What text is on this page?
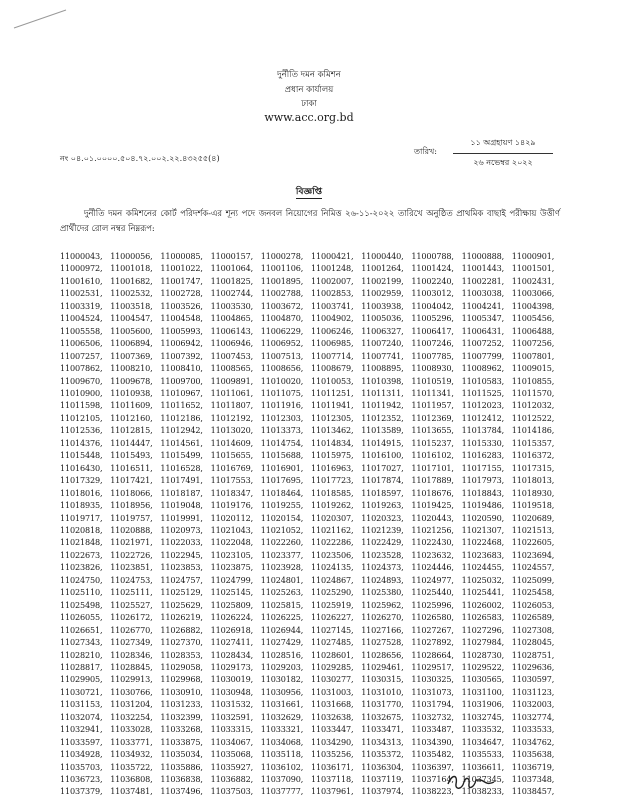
দুর্নীতি দমন কমিশন
প্রধান কার্যালয়
ঢাকা
www.acc.org.bd
নং ০৪.০১.০০০০.৫০৪.৭২.০০২.২২.৪৩২৫৫(৪)
তারিখ:
১১ অগ্রহায়ণ ১৪২৯
২৬ নভেম্বর ২০২২
বিজ্ঞপ্তি
দুর্নীতি দমন কমিশনের কোর্ট পরিদর্শক-এর শূন্য পদে জনবল নিয়োগের নিমিত্ত ২৬-১১-২০২২ তারিখে অনুষ্ঠিত প্রাথমিক বাছাই পরীক্ষায় উত্তীর্ণ প্রার্থীদের রোল নম্বর নিম্নরূপ:
11000043, 11000056, 11000085, 11000157, 11000278, 11000421, 11000440, 11000788, 11000888, 11000901,
11000972, 11001018, 11001022, 11001064, 11001106, 11001248, 11001264, 11001424, 11001443, 11001501,
11001610, 11001682, 11001747, 11001825, 11001895, 11002007, 11002199, 11002240, 11002281, 11002431,
11002531, 11002532, 11002728, 11002744, 11002788, 11002853, 11002959, 11003012, 11003038, 11003066,
11003319, 11003518, 11003526, 11003530, 11003672, 11003741, 11003938, 11004042, 11004241, 11004398,
11004524, 11004547, 11004548, 11004865, 11004870, 11004902, 11005036, 11005296, 11005347, 11005456,
11005558, 11005600, 11005993, 11006143, 11006229, 11006246, 11006327, 11006417, 11006431, 11006488,
11006506, 11006894, 11006942, 11006946, 11006952, 11006985, 11007240, 11007246, 11007252, 11007256,
11007257, 11007369, 11007392, 11007453, 11007513, 11007714, 11007741, 11007785, 11007799, 11007801,
11007862, 11008210, 11008410, 11008565, 11008656, 11008679, 11008895, 11008930, 11008962, 11009015,
11009670, 11009678, 11009700, 11009891, 11010020, 11010053, 11010398, 11010519, 11010583, 11010855,
11010900, 11010938, 11010967, 11011061, 11011075, 11011251, 11011311, 11011341, 11011525, 11011570,
11011598, 11011609, 11011652, 11011807, 11011916, 11011941, 11011942, 11011957, 11012023, 11012032,
11012105, 11012160, 11012186, 11012192, 11012303, 11012305, 11012352, 11012369, 11012412, 11012522,
11012536, 11012815, 11012942, 11013020, 11013373, 11013462, 11013589, 11013655, 11013784, 11014186,
11014376, 11014447, 11014561, 11014609, 11014754, 11014834, 11014915, 11015237, 11015330, 11015357,
11015448, 11015493, 11015499, 11015655, 11015688, 11015975, 11016100, 11016102, 11016283, 11016372,
11016430, 11016511, 11016528, 11016769, 11016901, 11016963, 11017027, 11017101, 11017155, 11017315,
11017329, 11017421, 11017491, 11017553, 11017695, 11017723, 11017874, 11017889, 11017973, 11018013,
11018016, 11018066, 11018187, 11018347, 11018464, 11018585, 11018597, 11018676, 11018843, 11018930,
11018935, 11018956, 11019048, 11019176, 11019255, 11019262, 11019263, 11019425, 11019486, 11019518,
11019717, 11019757, 11019991, 11020112, 11020154, 11020307, 11020323, 11020443, 11020590, 11020689,
11020818, 11020888, 11020973, 11021043, 11021052, 11021162, 11021239, 11021256, 11021307, 11021513,
11021848, 11021971, 11022033, 11022048, 11022260, 11022286, 11022429, 11022430, 11022468, 11022605,
11022673, 11022726, 11022945, 11023105, 11023377, 11023506, 11023528, 11023632, 11023683, 11023694,
11023826, 11023851, 11023853, 11023875, 11023928, 11024135, 11024373, 11024446, 11024455, 11024557,
11024750, 11024753, 11024757, 11024799, 11024801, 11024867, 11024893, 11024977, 11025032, 11025099,
11025110, 11025111, 11025129, 11025145, 11025263, 11025290, 11025380, 11025440, 11025441, 11025458,
11025498, 11025527, 11025629, 11025809, 11025815, 11025919, 11025962, 11025996, 11026002, 11026053,
11026055, 11026172, 11026219, 11026224, 11026225, 11026227, 11026270, 11026580, 11026583, 11026589,
11026651, 11026770, 11026882, 11026918, 11026944, 11027145, 11027166, 11027267, 11027296, 11027308,
11027343, 11027349, 11027370, 11027411, 11027429, 11027485, 11027528, 11027892, 11027984, 11028045,
11028210, 11028346, 11028353, 11028434, 11028516, 11028601, 11028656, 11028664, 11028730, 11028751,
11028817, 11028845, 11029058, 11029173, 11029203, 11029285, 11029461, 11029517, 11029522, 11029636,
11029905, 11029913, 11029968, 11030019, 11030182, 11030277, 11030315, 11030325, 11030565, 11030597,
11030721, 11030766, 11030910, 11030948, 11030956, 11031003, 11031010, 11031073, 11031100, 11031123,
11031153, 11031204, 11031233, 11031532, 11031661, 11031668, 11031770, 11031794, 11031906, 11032003,
11032074, 11032254, 11032399, 11032591, 11032629, 11032638, 11032675, 11032732, 11032745, 11032774,
11032941, 11033028, 11033268, 11033315, 11033321, 11033447, 11033471, 11033487, 11033532, 11033533,
11033597, 11033771, 11033875, 11034067, 11034068, 11034290, 11034313, 11034390, 11034647, 11034762,
11034928, 11034932, 11035034, 11035068, 11035118, 11035256, 11035372, 11035482, 11035533, 11035638,
11035703, 11035722, 11035886, 11035927, 11036102, 11036171, 11036304, 11036397, 11036611, 11036719,
11036723, 11036808, 11036838, 11036882, 11037090, 11037118, 11037119, 11037164, 11037345, 11037348,
11037379, 11037481, 11037496, 11037503, 11037777, 11037961, 11037974, 11038223, 11038233, 11038457,
